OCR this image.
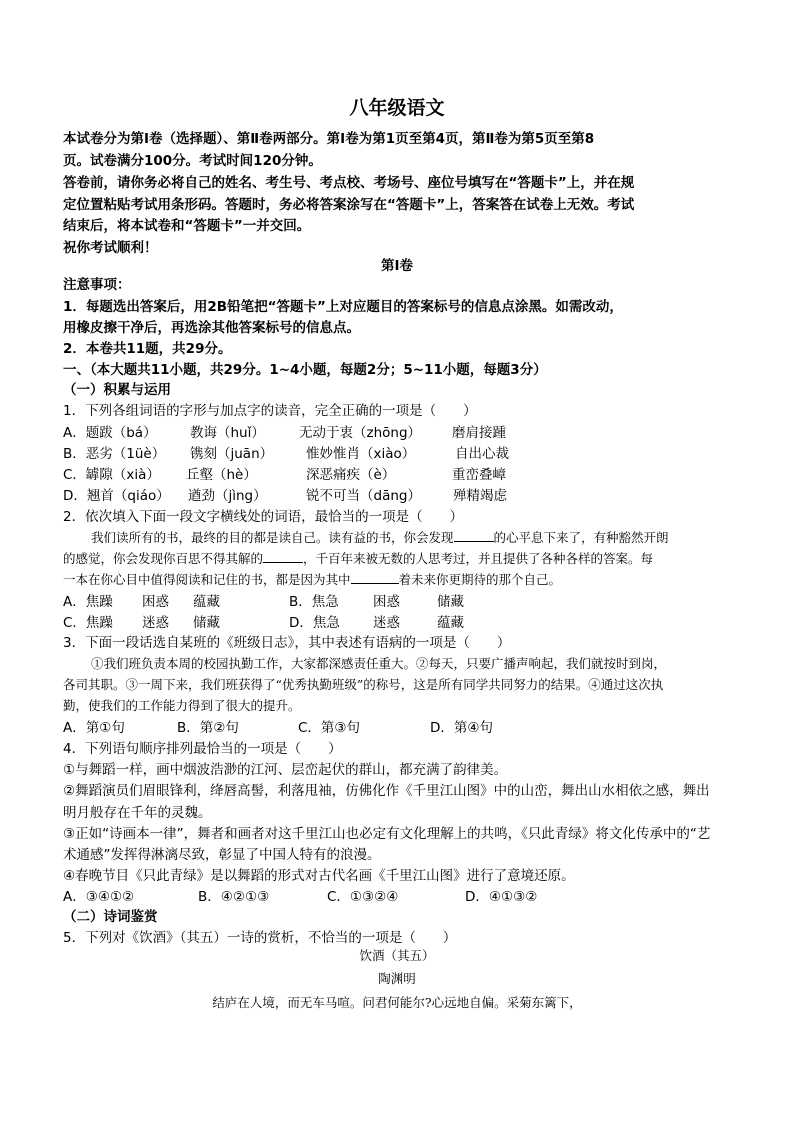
八年级语文
本试卷分为第Ⅰ卷（选择题）、第Ⅱ卷两部分。第Ⅰ卷为第1页至第4页，第Ⅱ卷为第5页至第8
页。试卷满分100分。考试时间120分钟。
答卷前，请你务必将自己的姓名、考生号、考点校、考场号、座位号填写在“答题卡”上，并在规
定位置粘贴考试用条形码。答题时，务必将答案涂写在“答题卡”上，答案答在试卷上无效。考试
结束后，将本试卷和“答题卡”一并交回。
祝你考试顺利！
第Ⅰ卷
注意事项：
1．每题选出答案后，用2B铅笔把“答题卡”上对应题目的答案标号的信息点涂黑。如需改动，
用橡皮擦干净后，再选涂其他答案标号的信息点。
2．本卷共11题，共29分。
一、（本大题共11小题，共29分。1~4小题，每题2分；5~11小题，每题3分）
（一）积累与运用
1．下列各组词语的字形与加点字的读音，完全正确的一项是（　　）
A．题跋（bá） 教诲（huǐ）	无动于衷（zhōng） 磨肩接踵
B．恶劣（1üè） 镌刻（juān） 惟妙惟肖（xiào）	自出心裁
C．罅隙（xià） 丘壑（hè）	深恶痛疾（è）	重峦叠嶂
D．翘首（qiáo） 遒劲（jìng）	锐不可当（dāng） 殚精竭虑
2．依次填入下面一段文字横线处的词语，最恰当的一项是（　　）
我们读所有的书，最终的目的都是读自己。读有益的书，你会发现	的心平息下来了，有种豁然开朗
的感觉，你会发现你百思不得其解的	，千百年来被无数的人思考过，并且提供了各种各样的答案。每
一本在你心目中值得阅读和记住的书，都是因为其中	着未来你更期待的那个自己。
A．焦躁 困惑 蕴藏	B．焦急	困惑	储藏
C．焦躁 迷惑 储藏	D．焦急 迷惑	蕴藏
3．下面一段话选自某班的《班级日志》，其中表述有语病的一项是（　　）
①我们班负责本周的校园执勤工作，大家都深感责任重大。②每天，只要广播声响起，我们就按时到岗，
各司其职。③一周下来，我们班获得了“优秀执勤班级”的称号，这是所有同学共同努力的结果。④通过这次执
勤，使我们的工作能力得到了很大的提升。
A．第①句	B．第②句	C．第③句	D．第④句
4．下列语句顺序排列最恰当的一项是（　　）
①与舞蹈一样，画中烟波浩渺的江河、层峦起伏的群山，都充满了韵律美。
②舞蹈演员们眉眼锋利，绛唇高髻，利落甩袖，仿佛化作《千里江山图》中的山峦，舞出山水相依之感，舞出
明月般存在千年的灵魏。
③正如“诗画本一律”，舞者和画者对这千里江山也必定有文化理解上的共鸣，《只此青绿》将文化传承中的“艺
术通感”发挥得淋漓尽致，彰显了中国人特有的浪漫。
④春晚节目《只此青绿》是以舞蹈的形式对古代名画《千里江山图》进行了意境还原。
A．③④①②	B．④②①③	C．①③②④	D．④①③②
（二）诗词鉴赏
5．下列对《饮酒》（其五）一诗的赏析，不恰当的一项是（　　）
饮酒（其五）
陶渊明
结庐在人境，而无车马喧。问君何能尔?心远地自偏。采菊东篱下，
